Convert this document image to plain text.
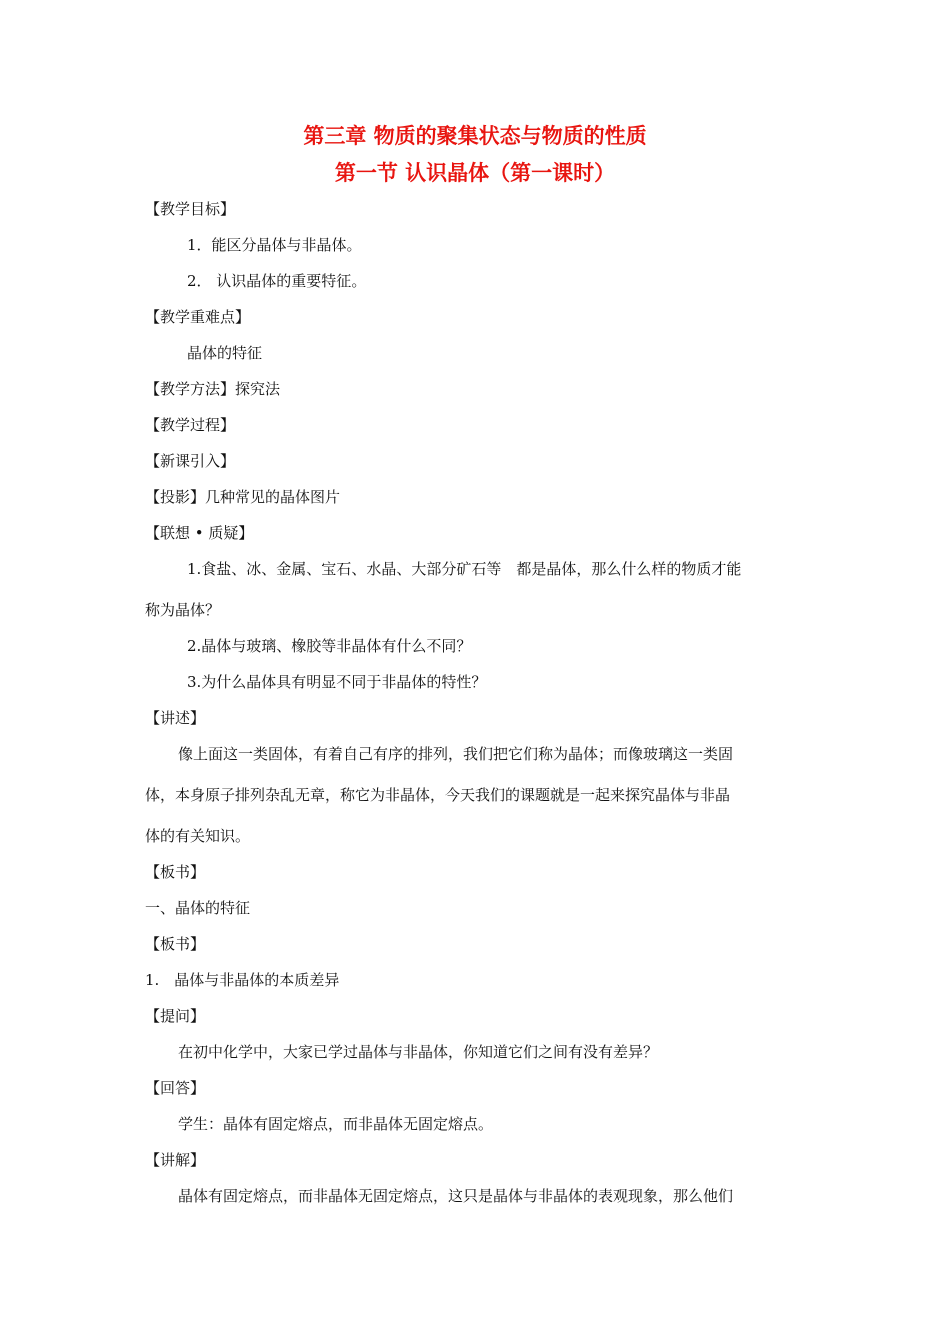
第三章 物质的聚集状态与物质的性质
第一节 认识晶体（第一课时）
【教学目标】
1．能区分晶体与非晶体。
2． 认识晶体的重要特征。
【教学重难点】
晶体的特征
【教学方法】探究法
【教学过程】
【新课引入】
【投影】几种常见的晶体图片
【联想 • 质疑】
1.食盐、冰、金属、宝石、水晶、大部分矿石等　都是晶体，那么什么样的物质才能
称为晶体？
2.晶体与玻璃、橡胶等非晶体有什么不同？
3.为什么晶体具有明显不同于非晶体的特性？
【讲述】
像上面这一类固体，有着自己有序的排列，我们把它们称为晶体；而像玻璃这一类固
体，本身原子排列杂乱无章，称它为非晶体，今天我们的课题就是一起来探究晶体与非晶
体的有关知识。
【板书】
一、晶体的特征
【板书】
1.　晶体与非晶体的本质差异
【提问】
在初中化学中，大家已学过晶体与非晶体，你知道它们之间有没有差异？
【回答】
学生：晶体有固定熔点，而非晶体无固定熔点。
【讲解】
晶体有固定熔点，而非晶体无固定熔点，这只是晶体与非晶体的表观现象，那么他们
